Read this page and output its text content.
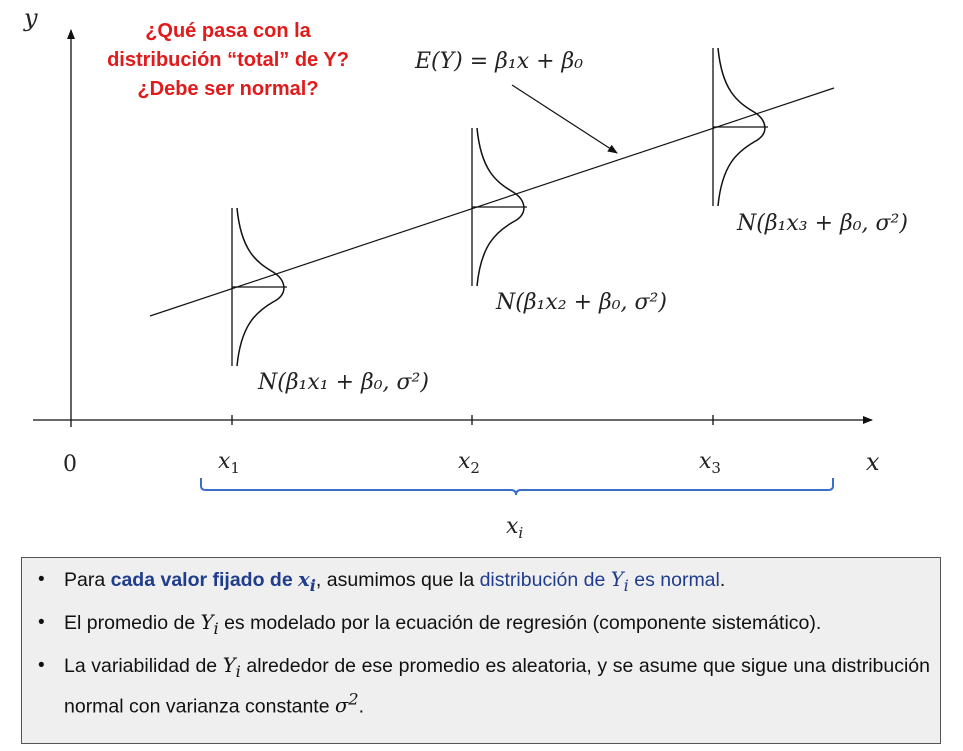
y
x
0	$x_1$	$x_2$	$x_3$
E(Y) = β₁x + β₀
N(β₁x₁ + β₀, σ²)
N(β₁x₂ + β₀, σ²)
N(β₁x₃ + β₀, σ²)
$x_i$
¿Qué pasa con la
distribución “total” de Y?
¿Debe ser normal?
• Para cada valor fijado de $x_i$, asumimos que la distribución de $Y_i$ es normal.
• El promedio de $Y_i$ es modelado por la ecuación de regresión (componente sistemático).
• La variabilidad de $Y_i$ alrededor de ese promedio es aleatoria, y se asume que sigue una distribución normal con varianza constante $\sigma^2$.
